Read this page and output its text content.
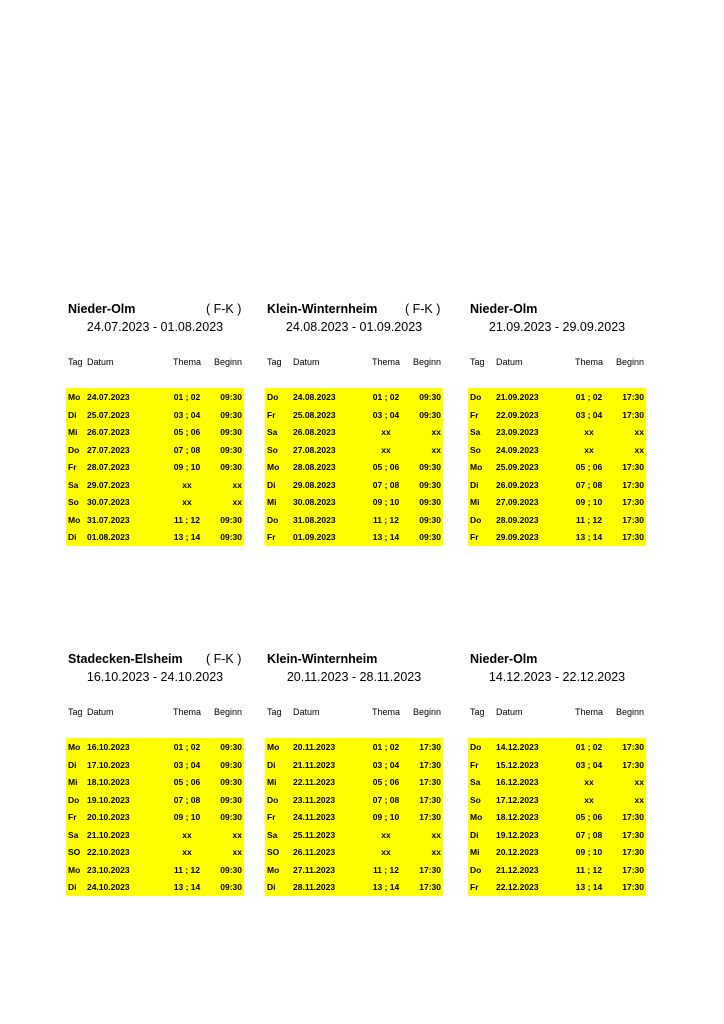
Nieder-Olm	( F-K )
24.07.2023 - 01.08.2023
Tag Datum	Thema	Beginn
Mo 24.07.2023	01 ; 02	09:30
Di 25.07.2023	03 ; 04	09:30
Mi 26.07.2023	05 ; 06	09:30
Do 27.07.2023	07 ; 08	09:30
Fr 28.07.2023	09 ; 10	09:30
Sa 29.07.2023	xx	xx
So 30.07.2023	xx	xx
Mo 31.07.2023	11 ; 12	09:30
Di 01.08.2023	13 ; 14	09:30
Klein-Winternheim ( F-K )
24.08.2023 - 01.09.2023
Tag Datum	Thema	Beginn
Do 24.08.2023	01 ; 02	09:30
Fr 25.08.2023	03 ; 04	09:30
Sa 26.08.2023	xx	xx
So 27.08.2023	xx	xx
Mo 28.08.2023	05 ; 06	09:30
Di 29.08.2023	07 ; 08	09:30
Mi 30.08.2023	09 ; 10	09:30
Do 31.08.2023	11 ; 12	09:30
Fr 01.09.2023	13 ; 14	09:30
Nieder-Olm
21.09.2023 - 29.09.2023
Tag Datum	Thema	Beginn
Do 21.09.2023	01 ; 02	17:30
Fr 22.09.2023	03 ; 04	17:30
Sa 23.09.2023	xx	xx
So 24.09.2023	xx	xx
Mo 25.09.2023	05 ; 06	17:30
Di 26.09.2023	07 ; 08	17:30
Mi 27.09.2023	09 ; 10	17:30
Do 28.09.2023	11 ; 12	17:30
Fr 29.09.2023	13 ; 14	17:30
Stadecken-Elsheim ( F-K )
16.10.2023 - 24.10.2023
Tag Datum	Thema	Beginn
Mo 16.10.2023	01 ; 02	09:30
Di 17.10.2023	03 ; 04	09:30
Mi 18.10.2023	05 ; 06	09:30
Do 19.10.2023	07 ; 08	09:30
Fr 20.10.2023	09 ; 10	09:30
Sa 21.10.2023	xx	xx
SO 22.10.2023	xx	xx
Mo 23.10.2023	11 ; 12	09:30
Di 24.10.2023	13 ; 14	09:30
Klein-Winternheim
20.11.2023 - 28.11.2023
Tag Datum	Thema	Beginn
Mo 20.11.2023	01 ; 02	17:30
Di 21.11.2023	03 ; 04	17:30
Mi 22.11.2023	05 ; 06	17:30
Do 23.11.2023	07 ; 08	17:30
Fr 24.11.2023	09 ; 10	17:30
Sa 25.11.2023	xx	xx
SO 26.11.2023	xx	xx
Mo 27.11.2023	11 ; 12	17:30
Di 28.11.2023	13 ; 14	17:30
Nieder-Olm
14.12.2023 - 22.12.2023
Tag Datum	Thema	Beginn
Do 14.12.2023	01 ; 02	17:30
Fr 15.12.2023	03 ; 04	17:30
Sa 16.12.2023	xx	xx
So 17.12.2023	xx	xx
Mo 18.12.2023	05 ; 06	17:30
Di 19.12.2023	07 ; 08	17:30
Mi 20.12.2023	09 ; 10	17:30
Do 21.12.2023	11 ; 12	17:30
Fr 22.12.2023	13 ; 14	17:30
